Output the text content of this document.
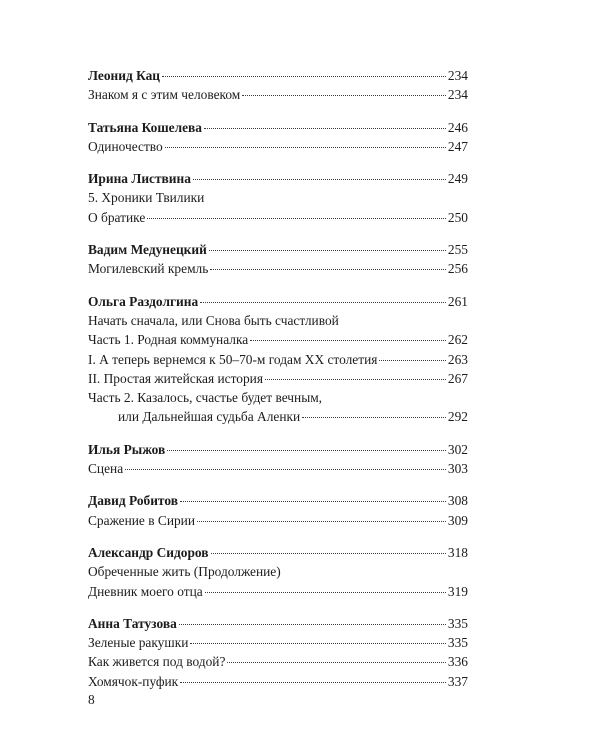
Леонид Кац	234
Знаком я с этим человеком	234
Татьяна Кошелева	246
Одиночество	247
Ирина Листвина	249
5. Хроники Твилики
О братике	250
Вадим Медунецкий	255
Могилевский кремль	256
Ольга Раздолгина	261
Начать сначала, или Снова быть счастливой
Часть 1. Родная коммуналка	262
I. А теперь вернемся к 50–70-м годам XX столетия	263
II. Простая житейская история	267
Часть 2. Казалось, счастье будет вечным,
или Дальнейшая судьба Аленки	292
Илья Рыжов	302
Сцена	303
Давид Робитов	308
Сражение в Сирии	309
Александр Сидоров	318
Обреченные жить (Продолжение)
Дневник моего отца	319
Анна Татузова	335
Зеленые ракушки	335
Как живется под водой?	336
Хомячок-пуфик	337
8
